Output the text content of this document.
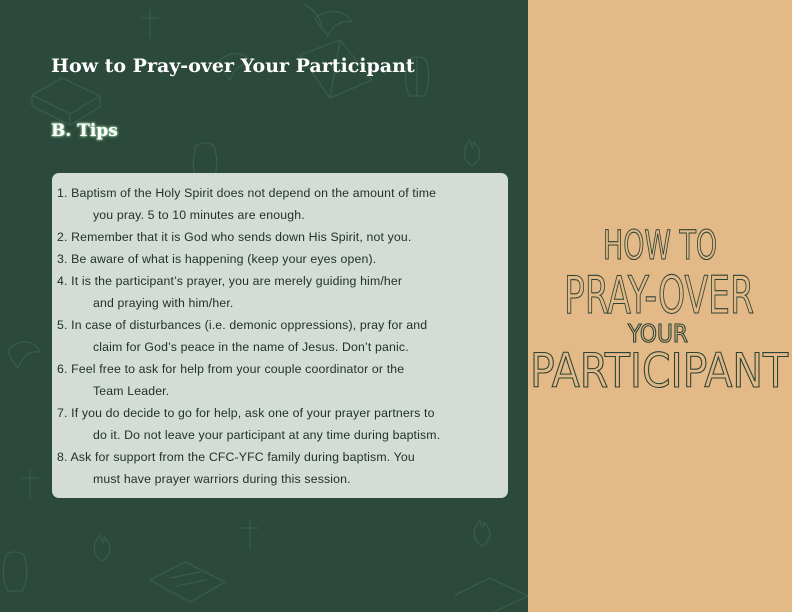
How to Pray-over Your Participant
B. Tips
1. Baptism of the Holy Spirit does not depend on the amount of time
you pray. 5 to 10 minutes are enough.
2. Remember that it is God who sends down His Spirit, not you.
3. Be aware of what is happening (keep your eyes open).
4. It is the participant’s prayer, you are merely guiding him/her
and praying with him/her.
5. In case of disturbances (i.e. demonic oppressions), pray for and
claim for God’s peace in the name of Jesus. Don’t panic.
6. Feel free to ask for help from your couple coordinator or the
Team Leader.
7. If you do decide to go for help, ask one of your prayer partners to
do it. Do not leave your participant at any time during baptism.
8. Ask for support from the CFC-YFC family during baptism. You
must have prayer warriors during this session.
HOW TO
PRAY-OVER
YOUR
PARTICIPANT
